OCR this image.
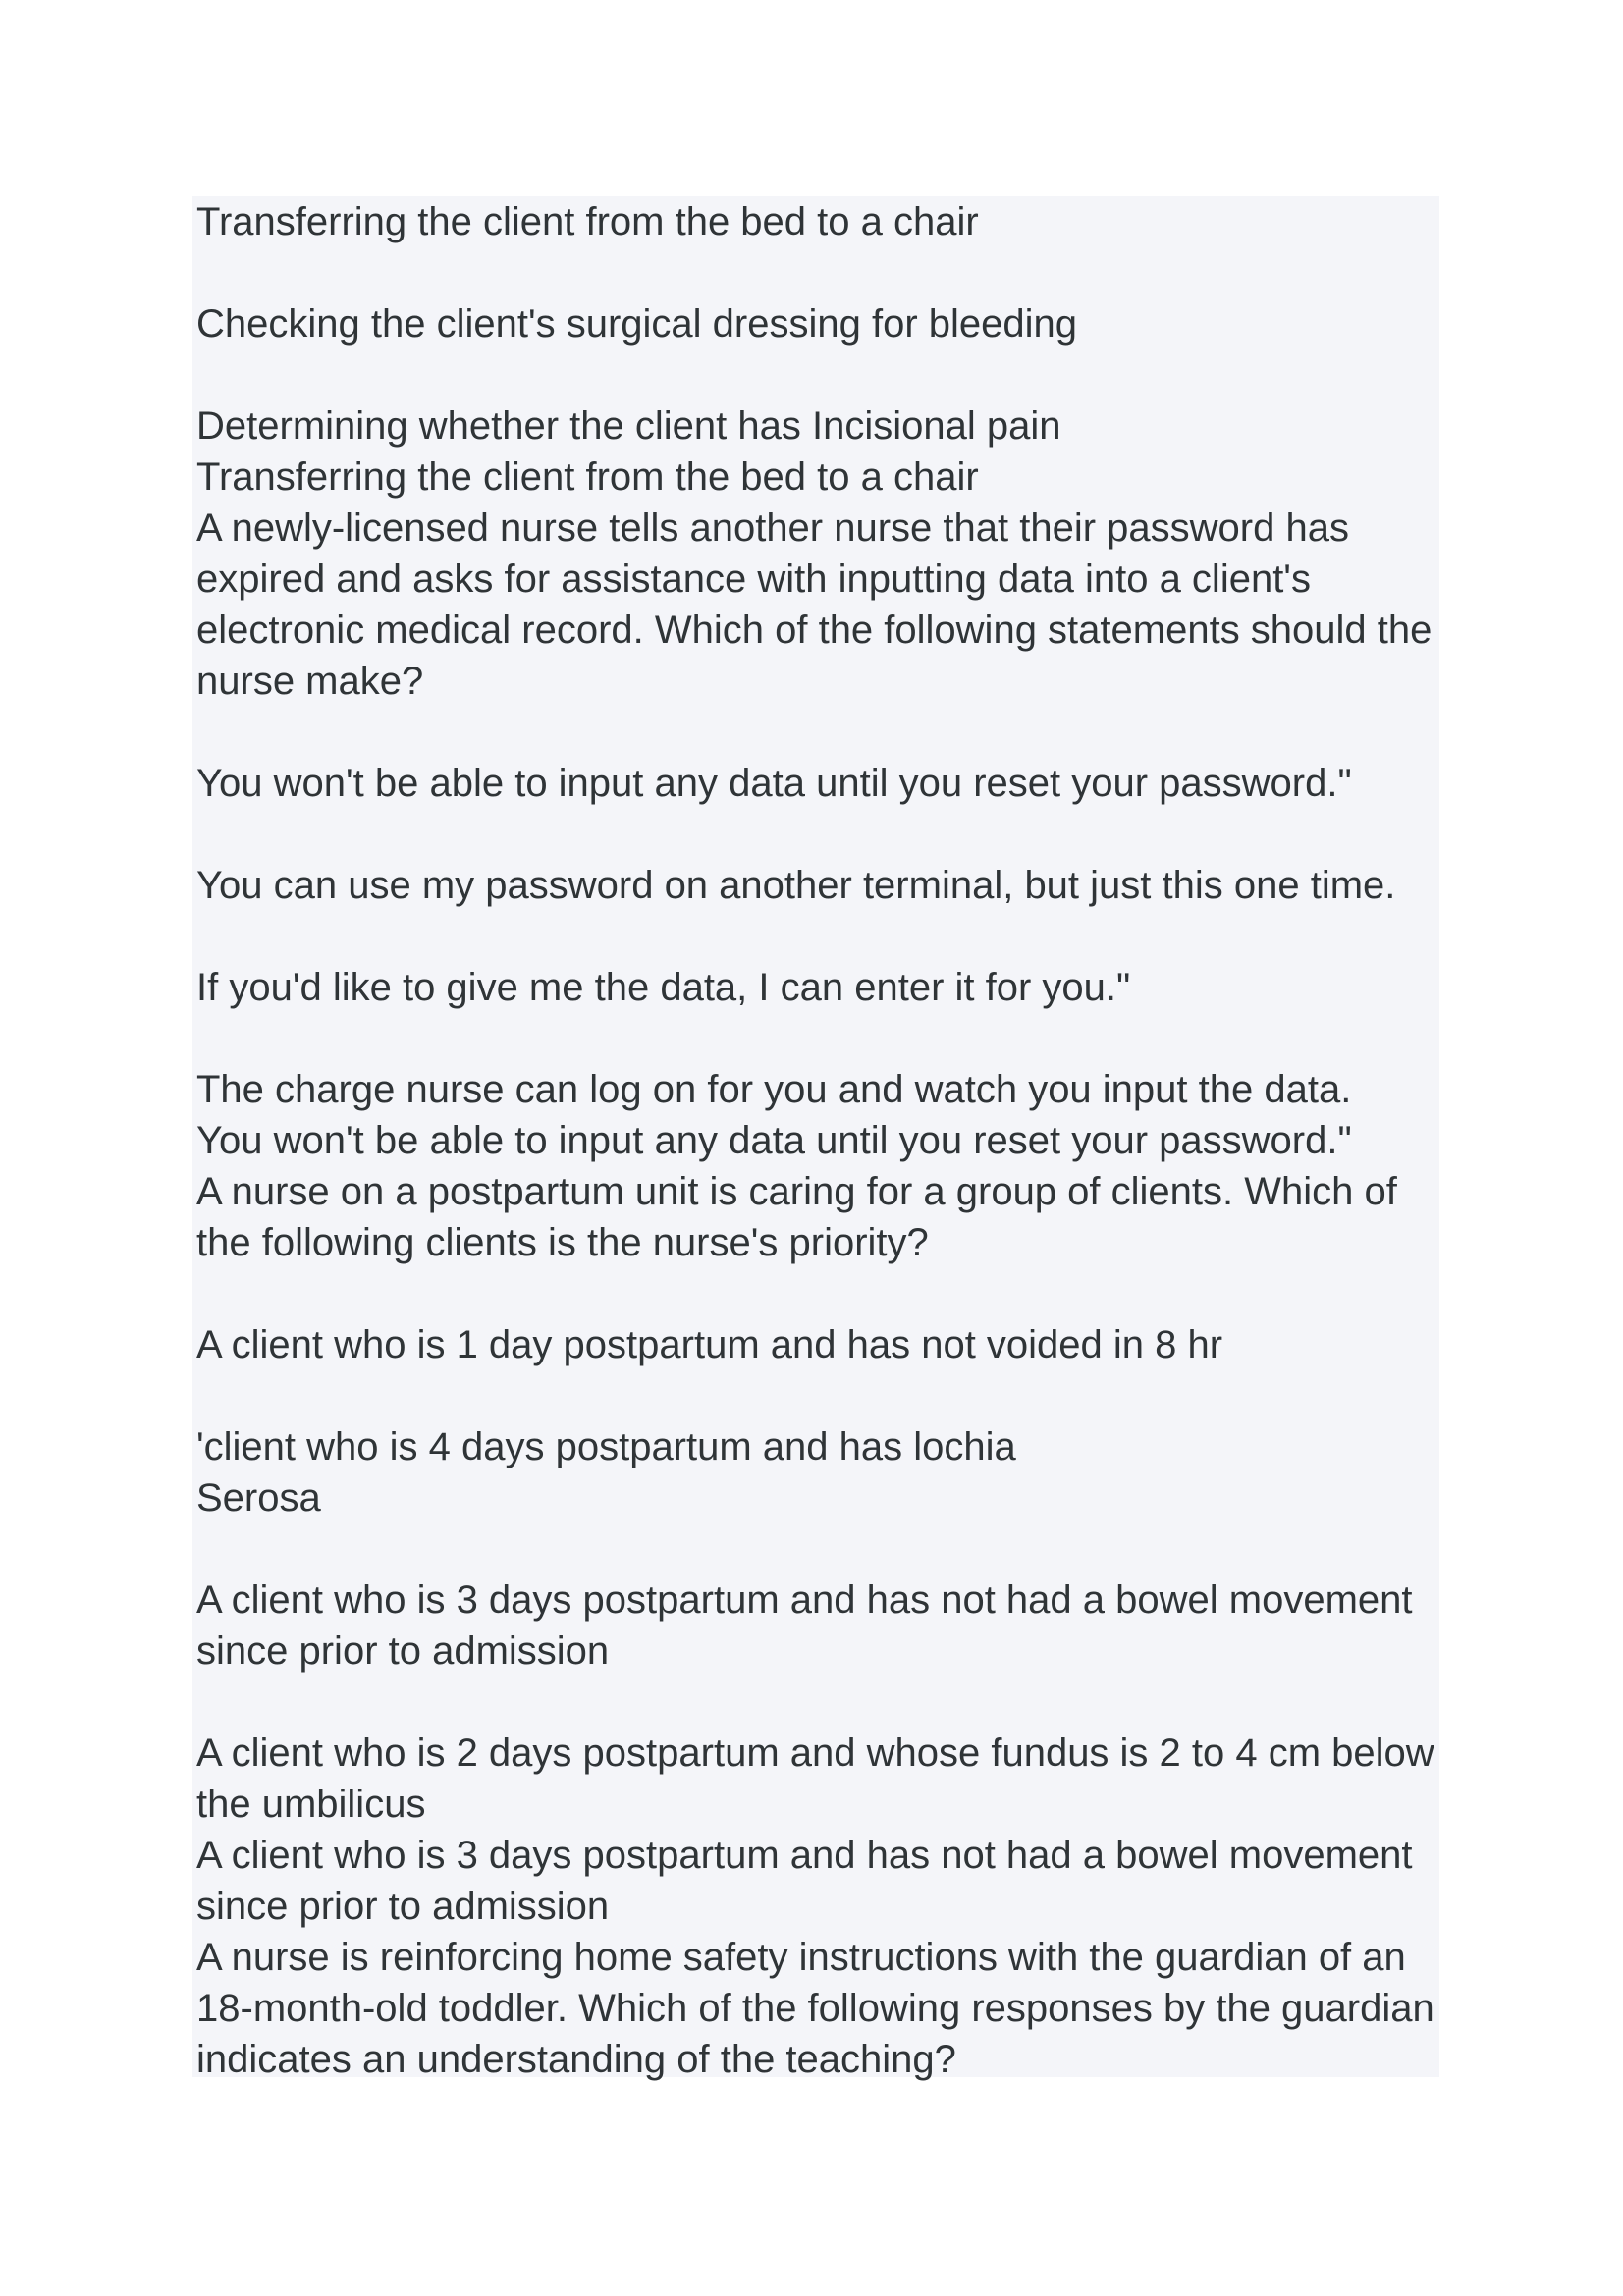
Transferring the client from the bed to a chair
Checking the client's surgical dressing for bleeding
Determining whether the client has Incisional pain
Transferring the client from the bed to a chair
A newly-licensed nurse tells another nurse that their password has
expired and asks for assistance with inputting data into a client's
electronic medical record. Which of the following statements should the
nurse make?
You won't be able to input any data until you reset your password."
You can use my password on another terminal, but just this one time.
If you'd like to give me the data, I can enter it for you."
The charge nurse can log on for you and watch you input the data.
You won't be able to input any data until you reset your password."
A nurse on a postpartum unit is caring for a group of clients. Which of
the following clients is the nurse's priority?
A client who is 1 day postpartum and has not voided in 8 hr
'client who is 4 days postpartum and has lochia
Serosa
A client who is 3 days postpartum and has not had a bowel movement
since prior to admission
A client who is 2 days postpartum and whose fundus is 2 to 4 cm below
the umbilicus
A client who is 3 days postpartum and has not had a bowel movement
since prior to admission
A nurse is reinforcing home safety instructions with the guardian of an
18-month-old toddler. Which of the following responses by the guardian
indicates an understanding of the teaching?
